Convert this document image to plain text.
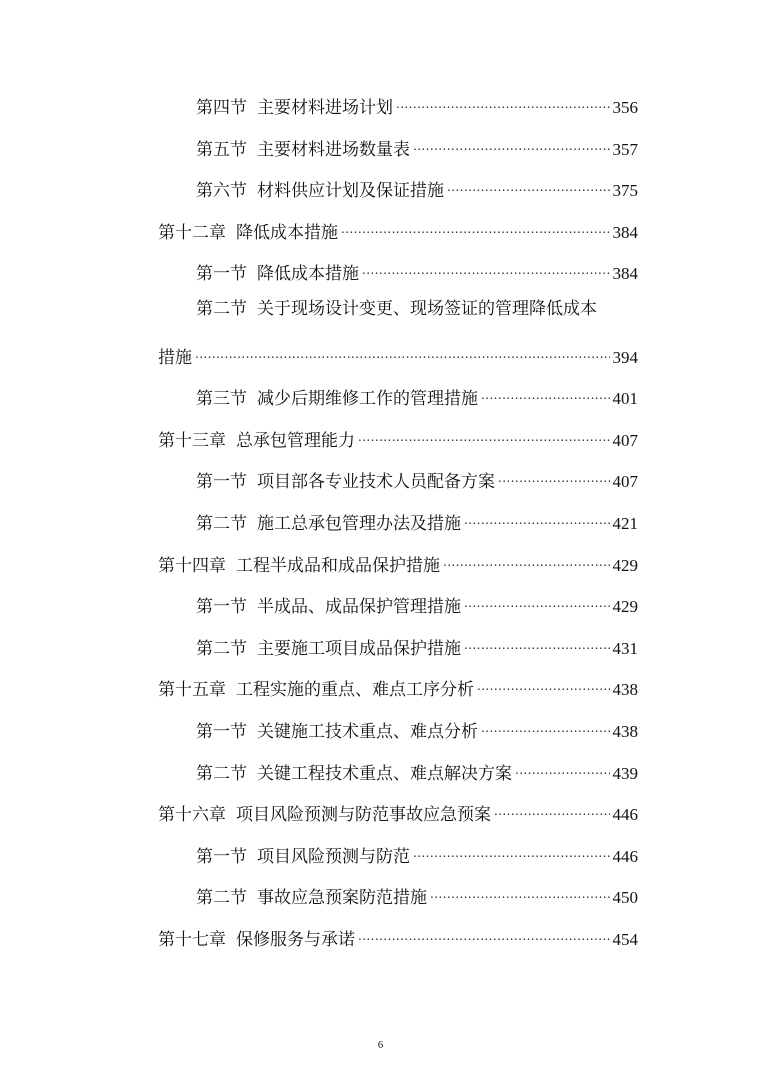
第四节 主要材料进场计划 .....	356
第五节 主要材料进场数量表 .....	357
第六节 材料供应计划及保证措施 .....	375
第十二章 降低成本措施 .....	384
第一节 降低成本措施 .....	384
第二节 关于现场设计变更、现场签证的管理降低成本
措施 .....	394
第三节 减少后期维修工作的管理措施 .....	401
第十三章 总承包管理能力 .....	407
第一节 项目部各专业技术人员配备方案 .....	407
第二节 施工总承包管理办法及措施 .....	421
第十四章 工程半成品和成品保护措施 .....	429
第一节 半成品、成品保护管理措施 .....	429
第二节 主要施工项目成品保护措施 .....	431
第十五章 工程实施的重点、难点工序分析 .....	438
第一节 关键施工技术重点、难点分析 .....	438
第二节 关键工程技术重点、难点解决方案 .....	439
第十六章 项目风险预测与防范事故应急预案 .....	446
第一节 项目风险预测与防范 .....	446
第二节 事故应急预案防范措施 .....	450
第十七章 保修服务与承诺 .....	454
6
